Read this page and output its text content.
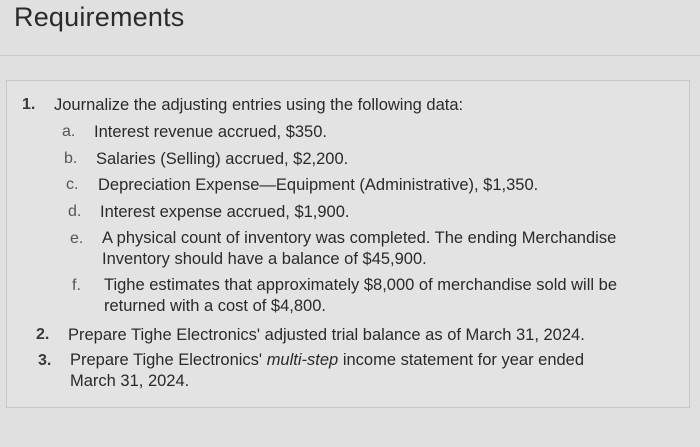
Requirements
1. Journalize the adjusting entries using the following data:
a. Interest revenue accrued, $350.
b. Salaries (Selling) accrued, $2,200.
c. Depreciation Expense—Equipment (Administrative), $1,350.
d. Interest expense accrued, $1,900.
e. A physical count of inventory was completed. The ending Merchandise
Inventory should have a balance of $45,900.
f. Tighe estimates that approximately $8,000 of merchandise sold will be
returned with a cost of $4,800.
2. Prepare Tighe Electronics' adjusted trial balance as of March 31, 2024.
3. Prepare Tighe Electronics' multi-step income statement for year ended
March 31, 2024.
